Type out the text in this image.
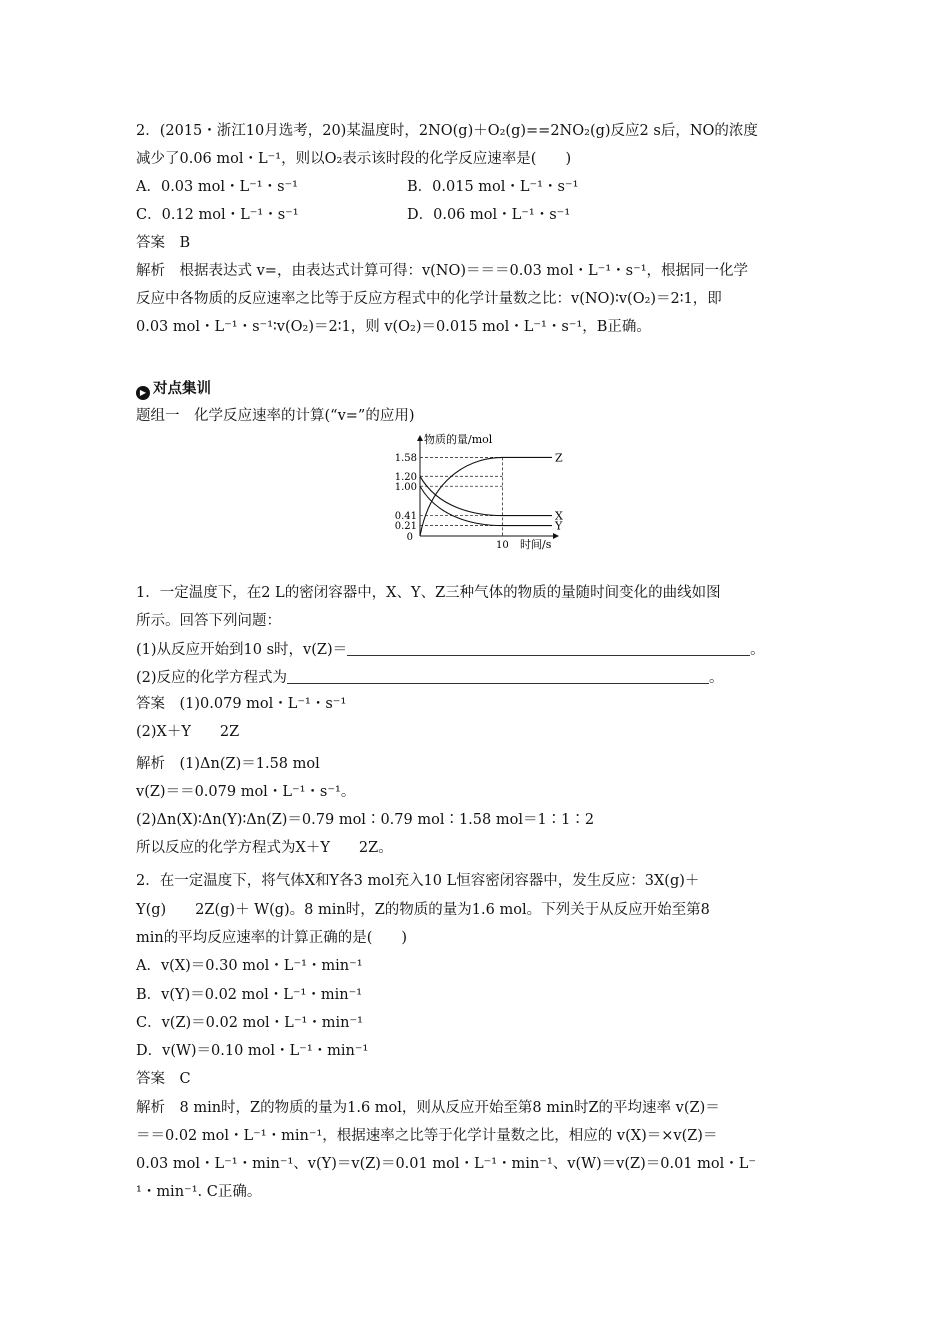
2．(2015・浙江10月选考，20)某温度时，2NO(g)＋O₂(g)==2NO₂(g)反应2 s后，NO的浓度
减少了0.06 mol・L⁻¹，则以O₂表示该时段的化学反应速率是(　　)
A．0.03 mol・L⁻¹・s⁻¹	B．0.015 mol・L⁻¹・s⁻¹
C．0.12 mol・L⁻¹・s⁻¹	D．0.06 mol・L⁻¹・s⁻¹
答案　B
解析　根据表达式 v=，由表达式计算可得：v(NO)＝＝＝0.03 mol・L⁻¹・s⁻¹，根据同一化学
反应中各物质的反应速率之比等于反应方程式中的化学计量数之比：v(NO)∶v(O₂)＝2∶1，即
0.03 mol・L⁻¹・s⁻¹∶v(O₂)＝2∶1，则 v(O₂)＝0.015 mol・L⁻¹・s⁻¹，B正确。
▶ 对点集训
题组一　化学反应速率的计算(“v=”的应用)
物质的量/mol
时间/s
0
1.58
1.20
1.00
0.41
0.21
10
Z
X
Y
1．一定温度下，在2 L的密闭容器中，X、Y、Z三种气体的物质的量随时间变化的曲线如图
所示。回答下列问题：
(1)从反应开始到10 s时，v(Z)＝	。
(2)反应的化学方程式为	。
答案　(1)0.079 mol・L⁻¹・s⁻¹
(2)X＋Y　　2Z
解析　(1)Δn(Z)＝1.58 mol
v(Z)＝＝0.079 mol・L⁻¹・s⁻¹。
(2)Δn(X)∶Δn(Y)∶Δn(Z)＝0.79 mol∶0.79 mol∶1.58 mol＝1∶1∶2
所以反应的化学方程式为X＋Y　　2Z。
2．在一定温度下，将气体X和Y各3 mol充入10 L恒容密闭容器中，发生反应：3X(g)＋
Y(g)　　2Z(g)＋ W(g)。8 min时，Z的物质的量为1.6 mol。下列关于从反应开始至第8
min的平均反应速率的计算正确的是(　　)
A．v(X)＝0.30 mol・L⁻¹・min⁻¹
B．v(Y)＝0.02 mol・L⁻¹・min⁻¹
C．v(Z)＝0.02 mol・L⁻¹・min⁻¹
D．v(W)＝0.10 mol・L⁻¹・min⁻¹
答案　C
解析　8 min时，Z的物质的量为1.6 mol，则从反应开始至第8 min时Z的平均速率 v(Z)＝
＝＝0.02 mol・L⁻¹・min⁻¹，根据速率之比等于化学计量数之比，相应的 v(X)＝×v(Z)＝
0.03 mol・L⁻¹・min⁻¹、v(Y)＝v(Z)＝0.01 mol・L⁻¹・min⁻¹、v(W)＝v(Z)＝0.01 mol・L⁻
¹・min⁻¹. C正确。
